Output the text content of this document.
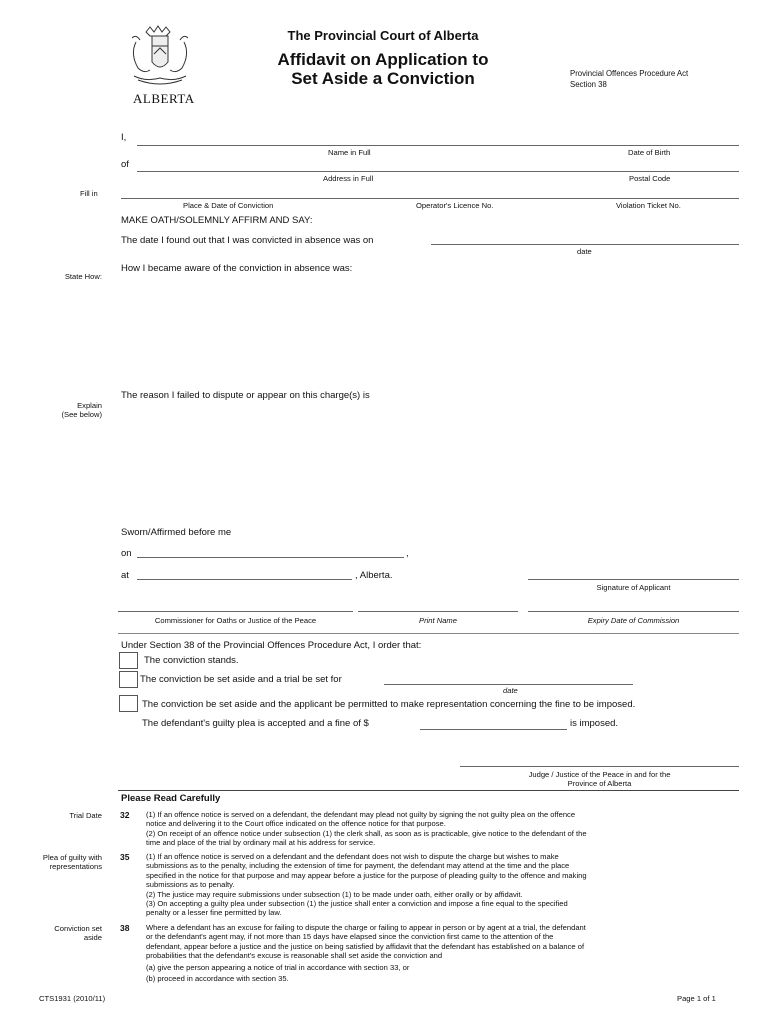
ALBERTA
The Provincial Court of Alberta
Affidavit on Application to
Set Aside a Conviction	Provincial Offences Procedure Act
Section 38
I,
Name in Full	Date of Birth
of
Address in Full	Postal Code
Fill in
Place & Date of Conviction	Operator's Licence No.	Violation Ticket No.
MAKE OATH/SOLEMNLY AFFIRM AND SAY:
The date I found out that I was convicted in absence was on
date
How I became aware of the conviction in absence was:
State How:
The reason I failed to dispute or appear on this charge(s) is
Explain
(See below)
Sworn/Affirmed before me
on	,
at	, Alberta.
Signature of Applicant
Commissioner for Oaths or Justice of the Peace	Print Name	Expiry Date of Commission
Under Section 38 of the Provincial Offences Procedure Act, I order that:
The conviction stands.
The conviction be set aside and a trial be set for
date
The conviction be set aside and the applicant be permitted to make representation concerning the fine to be imposed.
The defendant's guilty plea is accepted and a fine of $	is imposed.
Judge / Justice of the Peace in and for the
Province of Alberta
Please Read Carefully
Trial Date 32 (1) If an offence notice is served on a defendant, the defendant may plead not guilty by signing the not guilty plea on the offence
notice and delivering it to the Court office indicated on the offence notice for that purpose.
(2) On receipt of an offence notice under subsection (1) the clerk shall, as soon as is practicable, give notice to the defendant of the
time and place of the trial by ordinary mail at his address for service.
Plea of guilty with representations
35 (1) If an offence notice is served on a defendant and the defendant does not wish to dispute the charge but wishes to make
submissions as to the penalty, including the extension of time for payment, the defendant may attend at the time and the place
specified in the notice for that purpose and may appear before a justice for the purpose of pleading guilty to the offence and making
submissions as to penalty.
(2) The justice may require submissions under subsection (1) to be made under oath, either orally or by affidavit.
(3) On accepting a guilty plea under subsection (1) the justice shall enter a conviction and impose a fine equal to the specified
penalty or a lesser fine permitted by law.
Conviction set aside
38 Where a defendant has an excuse for failing to dispute the charge or failing to appear in person or by agent at a trial, the defendant
or the defendant's agent may, if not more than 15 days have elapsed since the conviction first came to the attention of the
defendant, appear before a justice and the justice on being satisfied by affidavit that the defendant has established on a balance of
probabilities that the defendant's excuse is reasonable shall set aside the conviction and
(a) give the person appearing a notice of trial in accordance with section 33, or
(b) proceed in accordance with section 35.
CTS1931 (2010/11)	Page 1 of 1
